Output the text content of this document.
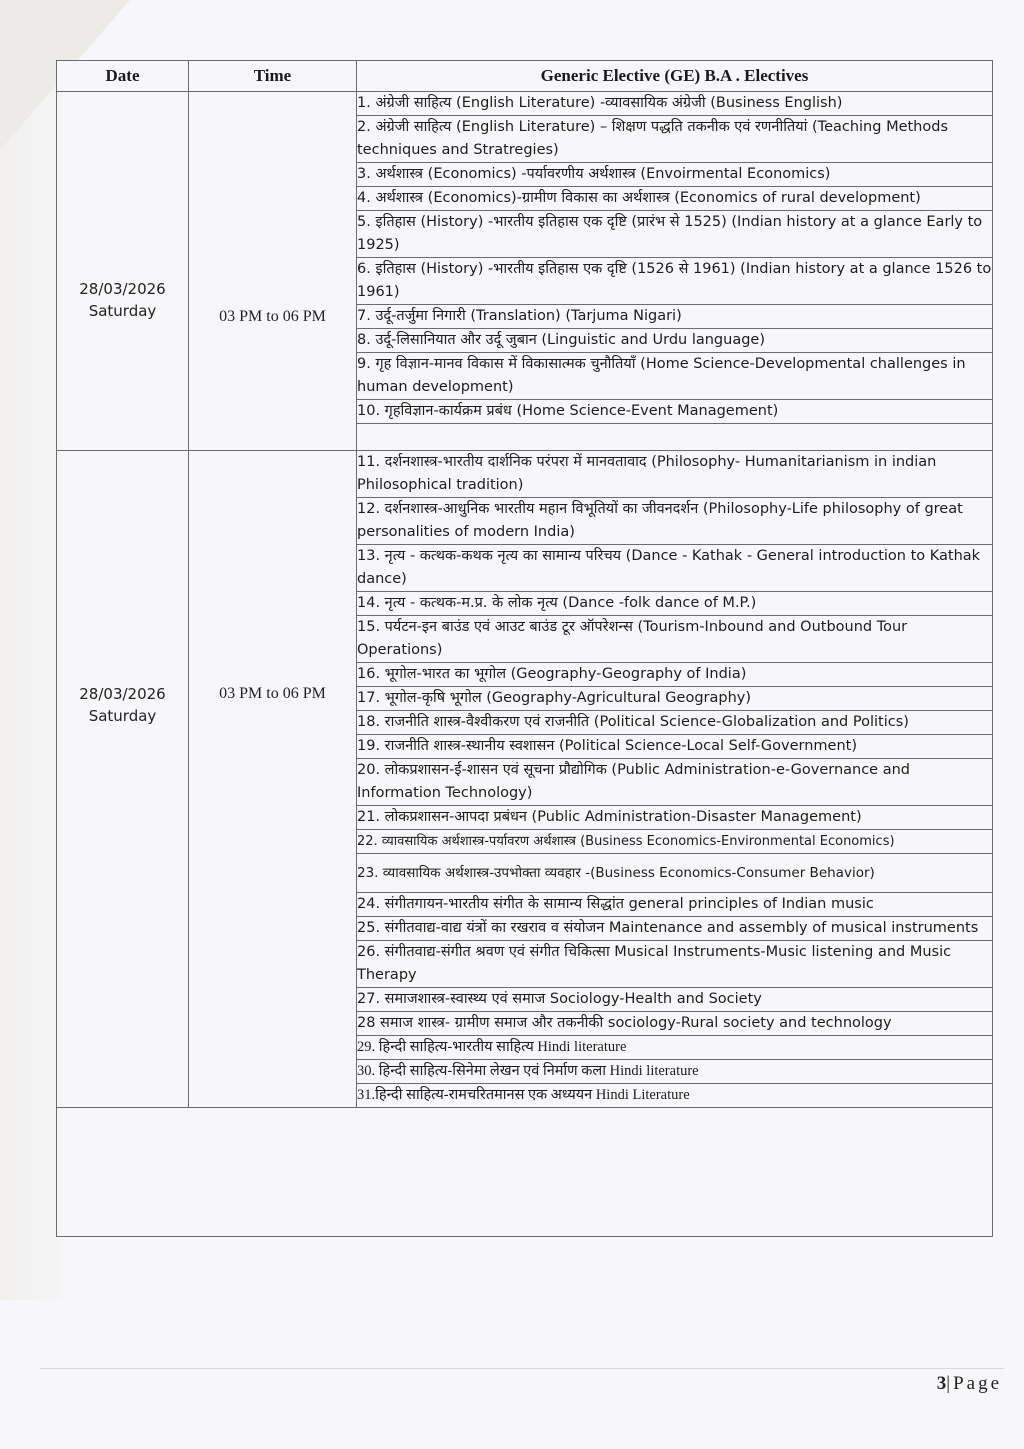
Date	Time	Generic Elective (GE) B.A . Electives

28/03/2026
Saturday	03 PM to 06 PM	1. अंग्रेजी साहित्य (English Literature) -व्यावसायिक अंग्रेजी (Business English)
		2. अंग्रेजी साहित्य (English Literature) – शिक्षण पद्धति तकनीक एवं रणनीतियां (Teaching Methods techniques and Stratregies)
		3. अर्थशास्त्र (Economics) -पर्यावरणीय अर्थशास्त्र (Envoirmental Economics)
		4. अर्थशास्त्र (Economics)-ग्रामीण विकास का अर्थशास्त्र (Economics of rural development)
		5. इतिहास (History) -भारतीय इतिहास एक दृष्टि (प्रारंभ से 1525) (Indian history at a glance Early to 1925)
		6. इतिहास (History) -भारतीय इतिहास एक दृष्टि (1526 से 1961) (Indian history at a glance 1526 to 1961)
		7. उर्दू-तर्जुमा निगारी (Translation) (Tarjuma Nigari)
		8. उर्दू-लिसानियात और उर्दू जुबान (Linguistic and Urdu language)
		9. गृह विज्ञान-मानव विकास में विकासात्मक चुनौतियाँ (Home Science-Developmental challenges in human development)
		10. गृहविज्ञान-कार्यक्रम प्रबंध (Home Science-Event Management)

28/03/2026
Saturday	03 PM to 06 PM	11. दर्शनशास्त्र-भारतीय दार्शनिक परंपरा में मानवतावाद (Philosophy- Humanitarianism in indian Philosophical tradition)
		12. दर्शनशास्त्र-आधुनिक भारतीय महान विभूतियों का जीवनदर्शन (Philosophy-Life philosophy of great personalities of modern India)
		13. नृत्य - कत्थक-कथक नृत्य का सामान्य परिचय (Dance - Kathak - General introduction to Kathak dance)
		14. नृत्य - कत्थक-म.प्र. के लोक नृत्य (Dance -folk dance of M.P.)
		15. पर्यटन-इन बाउंड एवं आउट बाउंड टूर ऑपरेशन्स (Tourism-Inbound and Outbound Tour Operations)
		16. भूगोल-भारत का भूगोल (Geography-Geography of India)
		17. भूगोल-कृषि भूगोल (Geography-Agricultural Geography)
		18. राजनीति शास्त्र-वैश्वीकरण एवं राजनीति (Political Science-Globalization and Politics)
		19. राजनीति शास्त्र-स्थानीय स्वशासन (Political Science-Local Self-Government)
		20. लोकप्रशासन-ई-शासन एवं सूचना प्रौद्योगिक (Public Administration-e-Governance and Information Technology)
		21. लोकप्रशासन-आपदा प्रबंधन (Public Administration-Disaster Management)
		22. व्यावसायिक अर्थशास्त्र-पर्यावरण अर्थशास्त्र (Business Economics-Environmental Economics)
		23. व्यावसायिक अर्थशास्त्र-उपभोक्ता व्यवहार -(Business Economics-Consumer Behavior)
		24. संगीतगायन-भारतीय संगीत के सामान्य सिद्धांत general principles of Indian music
		25. संगीतवाद्य-वाद्य यंत्रों का रखराव व संयोजन Maintenance and assembly of musical instruments
		26. संगीतवाद्य-संगीत श्रवण एवं संगीत चिकित्सा Musical Instruments-Music listening and Music Therapy
		27. समाजशास्त्र-स्वास्थ्य एवं समाज Sociology-Health and Society
		28 समाज शास्त्र- ग्रामीण समाज और तकनीकी sociology-Rural society and technology
		29. हिन्दी साहित्य-भारतीय साहित्य Hindi literature
		30. हिन्दी साहित्य-सिनेमा लेखन एवं निर्माण कला Hindi literature
		31.हिन्दी साहित्य-रामचरितमानस एक अध्ययन Hindi Literature

3|Page
